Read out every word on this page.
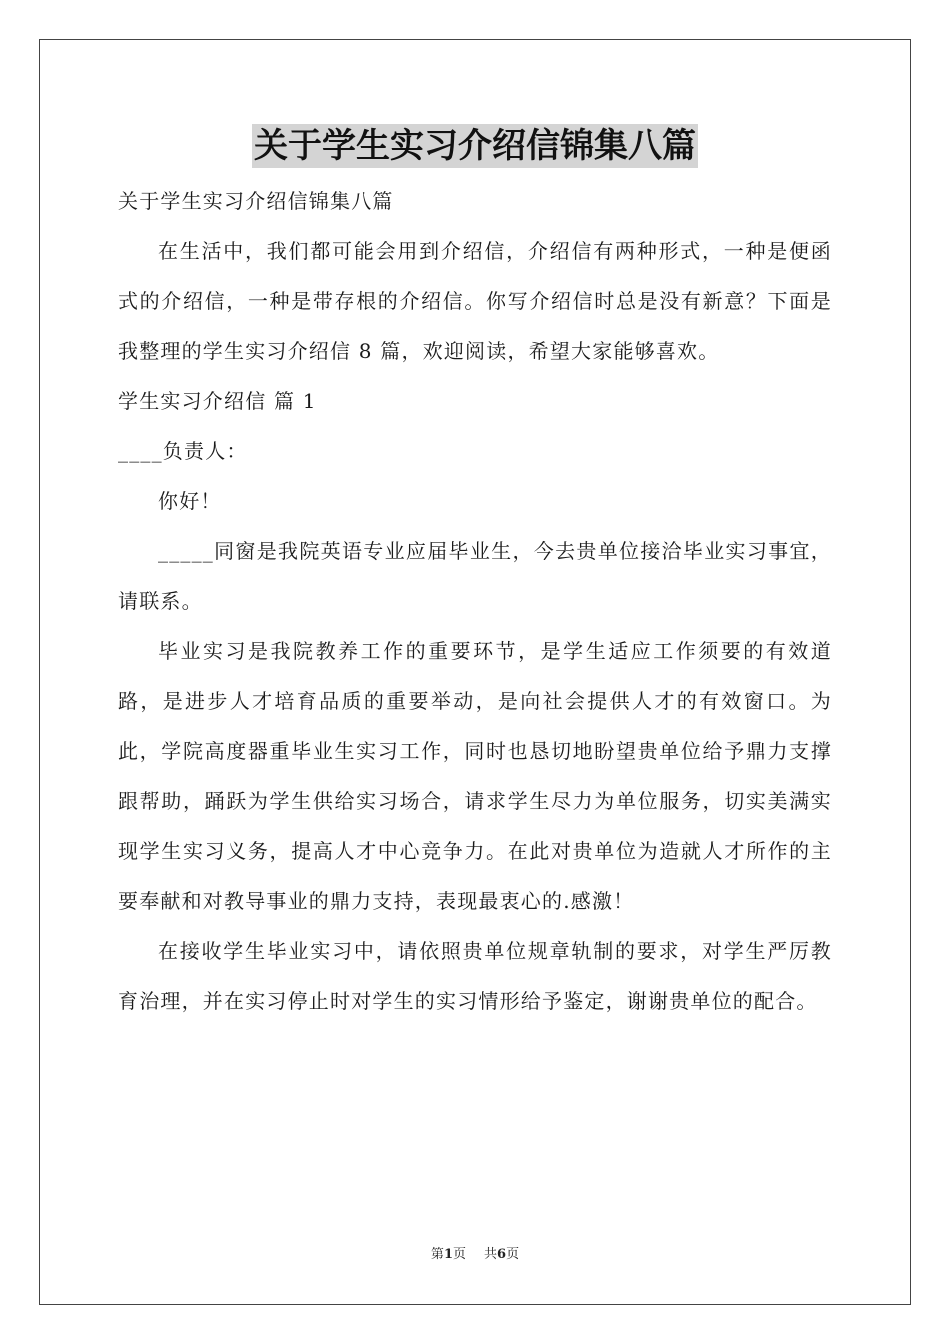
关于学生实习介绍信锦集八篇

关于学生实习介绍信锦集八篇

在生活中，我们都可能会用到介绍信，介绍信有两种形式，一种是便函式的介绍信，一种是带存根的介绍信。你写介绍信时总是没有新意？下面是我整理的学生实习介绍信 8 篇，欢迎阅读，希望大家能够喜欢。

学生实习介绍信 篇 1

____负责人：

你好！

_____同窗是我院英语专业应届毕业生，今去贵单位接洽毕业实习事宜，请联系。

毕业实习是我院教养工作的重要环节，是学生适应工作须要的有效道路，是进步人才培育品质的重要举动，是向社会提供人才的有效窗口。为此，学院高度器重毕业生实习工作，同时也恳切地盼望贵单位给予鼎力支撑跟帮助，踊跃为学生供给实习场合，请求学生尽力为单位服务，切实美满实现学生实习义务，提高人才中心竞争力。在此对贵单位为造就人才所作的主要奉献和对教导事业的鼎力支持，表现最衷心的.感激！

在接收学生毕业实习中，请依照贵单位规章轨制的要求，对学生严厉教育治理，并在实习停止时对学生的实习情形给予鉴定，谢谢贵单位的配合。

第1页 共6页
